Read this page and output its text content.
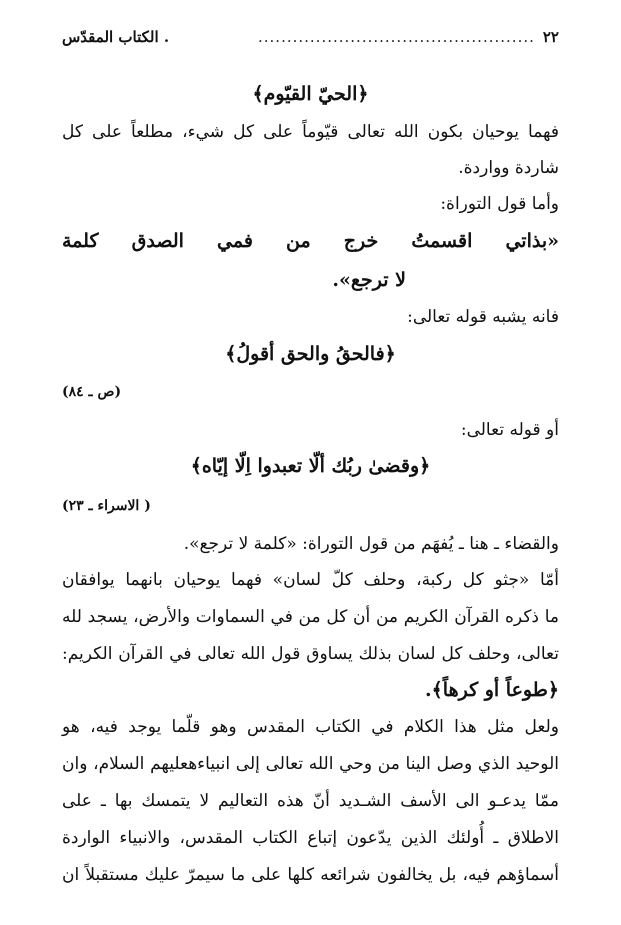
٢٢
................................................
. الكتاب المقدّس
﴿الحيّ القيّوم﴾
فهما يوحيان بكون الله تعالى قيّوماً على كل شيء، مطلعاً على كل
شاردة وواردة.
وأما قول التوراة:
«بذاتي اقسمتُ خرج من فمي الصدق كلمة
لا ترجع».
فانه يشبه قوله تعالى:
﴿فالحقُ والحق أقولُ﴾
(ص ـ ٨٤)
أو قوله تعالى:
﴿وقضىٰ ربُك ألّا تعبدوا اِلّا إيّاه﴾
( الاسراء ـ ٢٣)
والقضاء ـ هنا ـ يُفهَم من قول التوراة: «كلمة لا ترجع».
أمّا «جثو كل ركبة، وحلف كلّ لسان» فهما يوحيان بانهما يوافقان
ما ذكره القرآن الكريم من أن كل من في السماوات والأرض، يسجد لله
تعالى، وحلف كل لسان بذلك يساوق قول الله تعالى في القرآن الكريم:
﴿طوعاً أو كرهاً﴾.
ولعل مثل هذا الكلام في الكتاب المقدس وهو قلّما يوجد فيه، هو
الوحيد الذي وصل الينا من وحي الله تعالى إلى انبياءهعليهم السلام، وان
ممّا يدعـو الى الأسف الشـديد أنّ هذه التعاليم لا يتمسك بها ـ على
الاطلاق ـ أُولئك الذين يدّعون إتباع الكتاب المقدس، والانبياء الواردة
أسماؤهم فيه، بل يخالفون شرائعه كلها على ما سيمرّ عليك مستقبلاً ان
